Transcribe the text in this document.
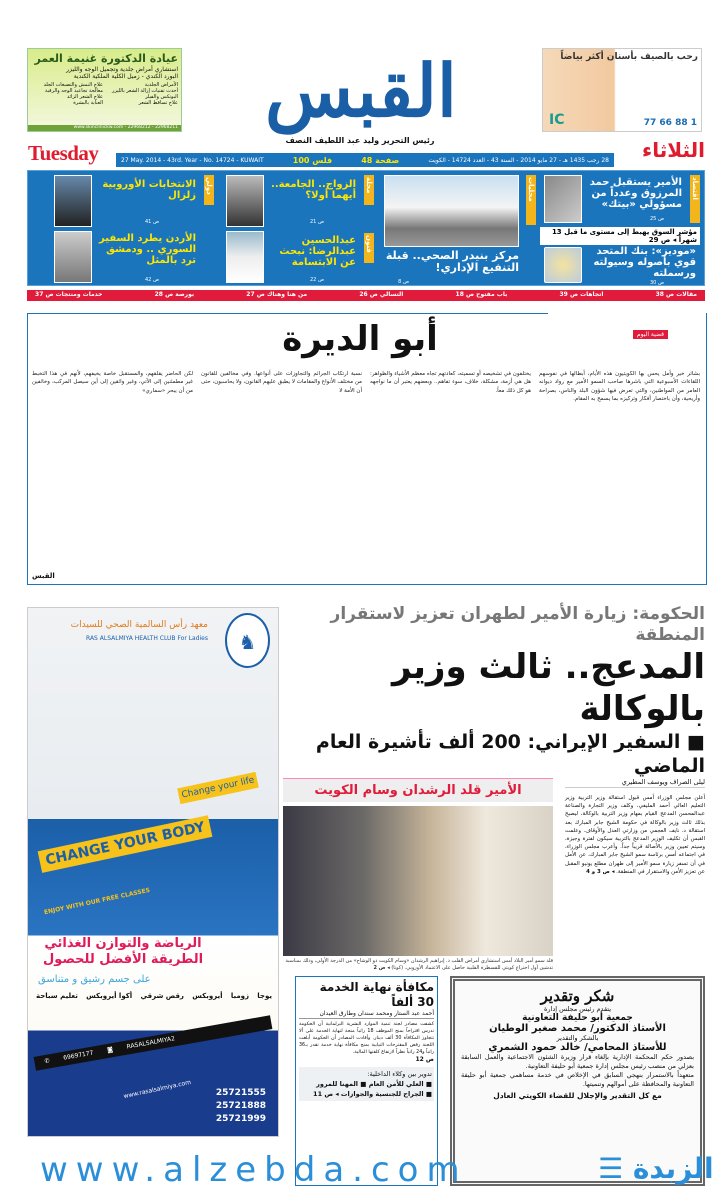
عيادة الدكتورة غنيمة العمر
استشاري أمراض جلدية وتجميل الوجه والليزر
البورد الكندي - زميل الكلية الملكية الكندية
الأمراض الجلدية
علاج النمش والتصبغات الجلد
أحدث تقنيات إزالة الشعر بالليزر
معالجة تجاعيد الوجه والرقبة
البوتكس والفيلر
علاج الشعر الزائد
علاج تساقط الشعر
العناية بالبشرة
www.skinclinickw.com - 22968212 - 22968211 القبس	رحب بالصيف بأسنان أكثر بياضاً
1 88 66 77
IC
رئيس التحرير وليد عبد اللطيف النصف
Tuesday	الثلاثاء
27 May. 2014 - 43rd. Year - No. 14724 - KUWAIT	100 فلس	48 صفحة	28 رجب 1435 هـ - 27 مايو 2014 - السنة 43 - العدد 14724 - الكويت
اقتصاد
الأمير يستقبل حمد المرزوق وعدداً من مسؤولي «بيتك»
ص 25
مؤشر السوق يهبط إلى مستوى ما قبل 13 شهراً ◂ ص 29
«موديز»: بنك المتحد قوي بأصوله وسيولته ورسملته
ص 30
محليات
مركز بنيدر الصحي.. قبلة التنفيع الإداري!
ص 8
محلة
الزواج.. الجامعة.. أيهما أولا؟
ص 21
فنون
عبدالحسين عبدالرضا: نبحث عن الابتسامة
ص 22
دولي
الانتخابات الأوروبية زلزال
ص 41
الأردن يطرد السفير السوري .. ودمشق ترد بالمثل
ص 42
مقالات ص 38
اتجاهات ص 39
باب مفتوح ص 18
التسالي ص 26
من هنا وهناك ص 27
بورصة ص 28
خدمات ومنتجات ص 37
قضية اليوم
أبو الديرة
بشائر خير وأمل يحس بها الكويتيون هذه الأيام، أبطالها في نفوسهم اللقاءات الأسبوعية التي باشرها صاحب السمو الأمير مع رواد ديوانه العامر من المواطنين، والتي تعرض فيها شؤون البلد والناس، بصراحة وأريحية، وأن باختصار أفكار وتركيزه بما يسمح به المقام.
يختلفون في تشخيصه أو تسميته، كعادتهم تجاه معظم الأشياء والظواهر: هل هي أزمة، مشكلة، خلاف، سوء تفاهم.. وبعضهم يعتبر أن ما نواجهه هو كل ذلك معاً.
نسبة ارتكاب الجرائم والتجاوزات على أنواعها. وفي مخالفين للقانون من مختلف الأنواع والمقامات لا يطبق عليهم القانون، ولا يحاسبون، حتى أن الأمة لا
لكن الحاضر يقلقهم، والمستقبل خاصة يخيفهم، لأنهم في هذا التخبط غير مطمئنين إلى الآتي، وغير واثقين إلى أين سيصل المركب، وخائفين من أن يبحر «سماري»
القبس
♞
معهد رأس السالمية الصحي للسيدات
RAS ALSALMIYA HEALTH CLUB For Ladies
Change your life
CHANGE YOUR BODY
ENJOY WITH OUR FREE CLASSES
الرياضة والتوازن الغذائي الطريقة الأفضل للحصول
على جسم رشيق و متناسق
يوجا
زومبا
أيروبكس
رقص شرقي
أكوا أيروبكس
تعليم سباحة
✆ 69697177 ◙ RASALSALMIYA2
www.rasalsalmiya.com	25721555
25721888
25721999
الحكومة: زيارة الأمير لطهران تعزيز لاستقرار المنطقة
المدعج.. ثالث وزير بالوكالة
■ السفير الإيراني: 200 ألف تأشيرة العام الماضي
ليلى الصراف ويوسف المطيري
أعلن مجلس الوزراء أمس قبول استقالة وزير التربية وزير التعليم العالي أحمد المليفي، وكلف وزير التجارة والصناعة عبدالمحسن المدعج القيام بمهام وزير التربية بالوكالة، ليصبح بذلك ثالث وزير بالوكالة في حكومة الشيخ جابر المبارك بعد استقالة د. نايف العجمي من وزارتي العدل والأوقاف. وعلمت القبس أن تكليف الوزير المدعج بالتربية سيكون لفترة وجيزة، وسيتم تعيين وزير بالأصالة قريباً جداً. وأعرب مجلس الوزراء، في اجتماعه أمس برئاسة سمو الشيخ جابر المبارك، عن الأمل في أن تسفر زيارة سمو الأمير إلى طهران مطلع يونيو المقبل عن تعزيز الأمن والاستقرار في المنطقة. ◂ ص 3 و 4
الأمير قلد الرشدان وسام الكويت
قلد سمو أمير البلاد أمس استشاري أمراض القلب د. إبراهيم الرشدان «وسام الكويت ذو الوشاح» من الدرجة الأولى، وذلك بمناسبة تدشين أول اختراع كويتي للقسطرة القلبية حاصل على الاعتماد الأوروبي. (كونا) ◂ ص 2
شكر وتقدير
يتقدم رئيس مجلس إدارة
جمعية أبو حليفة التعاونية
الأستاذ الدكتور/ محمد صغير الوطيان
بالشكر والتقدير
للأستاذ المحامي/ خالد حمود الشمري
بصدور حكم المحكمة الإدارية بإلغاء قرار وزيرة الشئون الاجتماعية والعمل السابقة بعزلي من منصب رئيس مجلس إدارة جمعية أبو حليفة التعاونية.
متعهداً بالاستمرار بنهجي السابق في الإخلاص في خدمة مساهمي جمعية أبو حليفة التعاونية والمحافظة على أموالهم وتنميتها.
مع كل التقدير والإجلال للقضاء الكويتي العادل
مكافأة نهاية الخدمة 30 ألفاً
أحمد عبد الستار ومحمد سندان وطارق العيدان

كشفت مصادر لجنة تنمية الموارد البشرية البرلمانية أن الحكومة تدرس اقتراحاً بمنح الموظف 18 راتباً منحة لنهاية الخدمة على ألا تتجاوز المكافأة 30 ألف دينار. وأفادت المصادر أن الحكومة أبلغت اللجنة رفض المقترحات النيابية بمنح مكافأة نهاية خدمة تقدر بـ36 راتباً و24 راتباً نظراً لارتفاع كلفتها المالية.

ص 12

تدوير بين وكلاء الداخلية:
■ العلي للأمن العام ■ المهنا للمرور
■ الجراح للجنسية والجوازات ◂ ص 11
www.alzebda.com	الزبدة ☰
